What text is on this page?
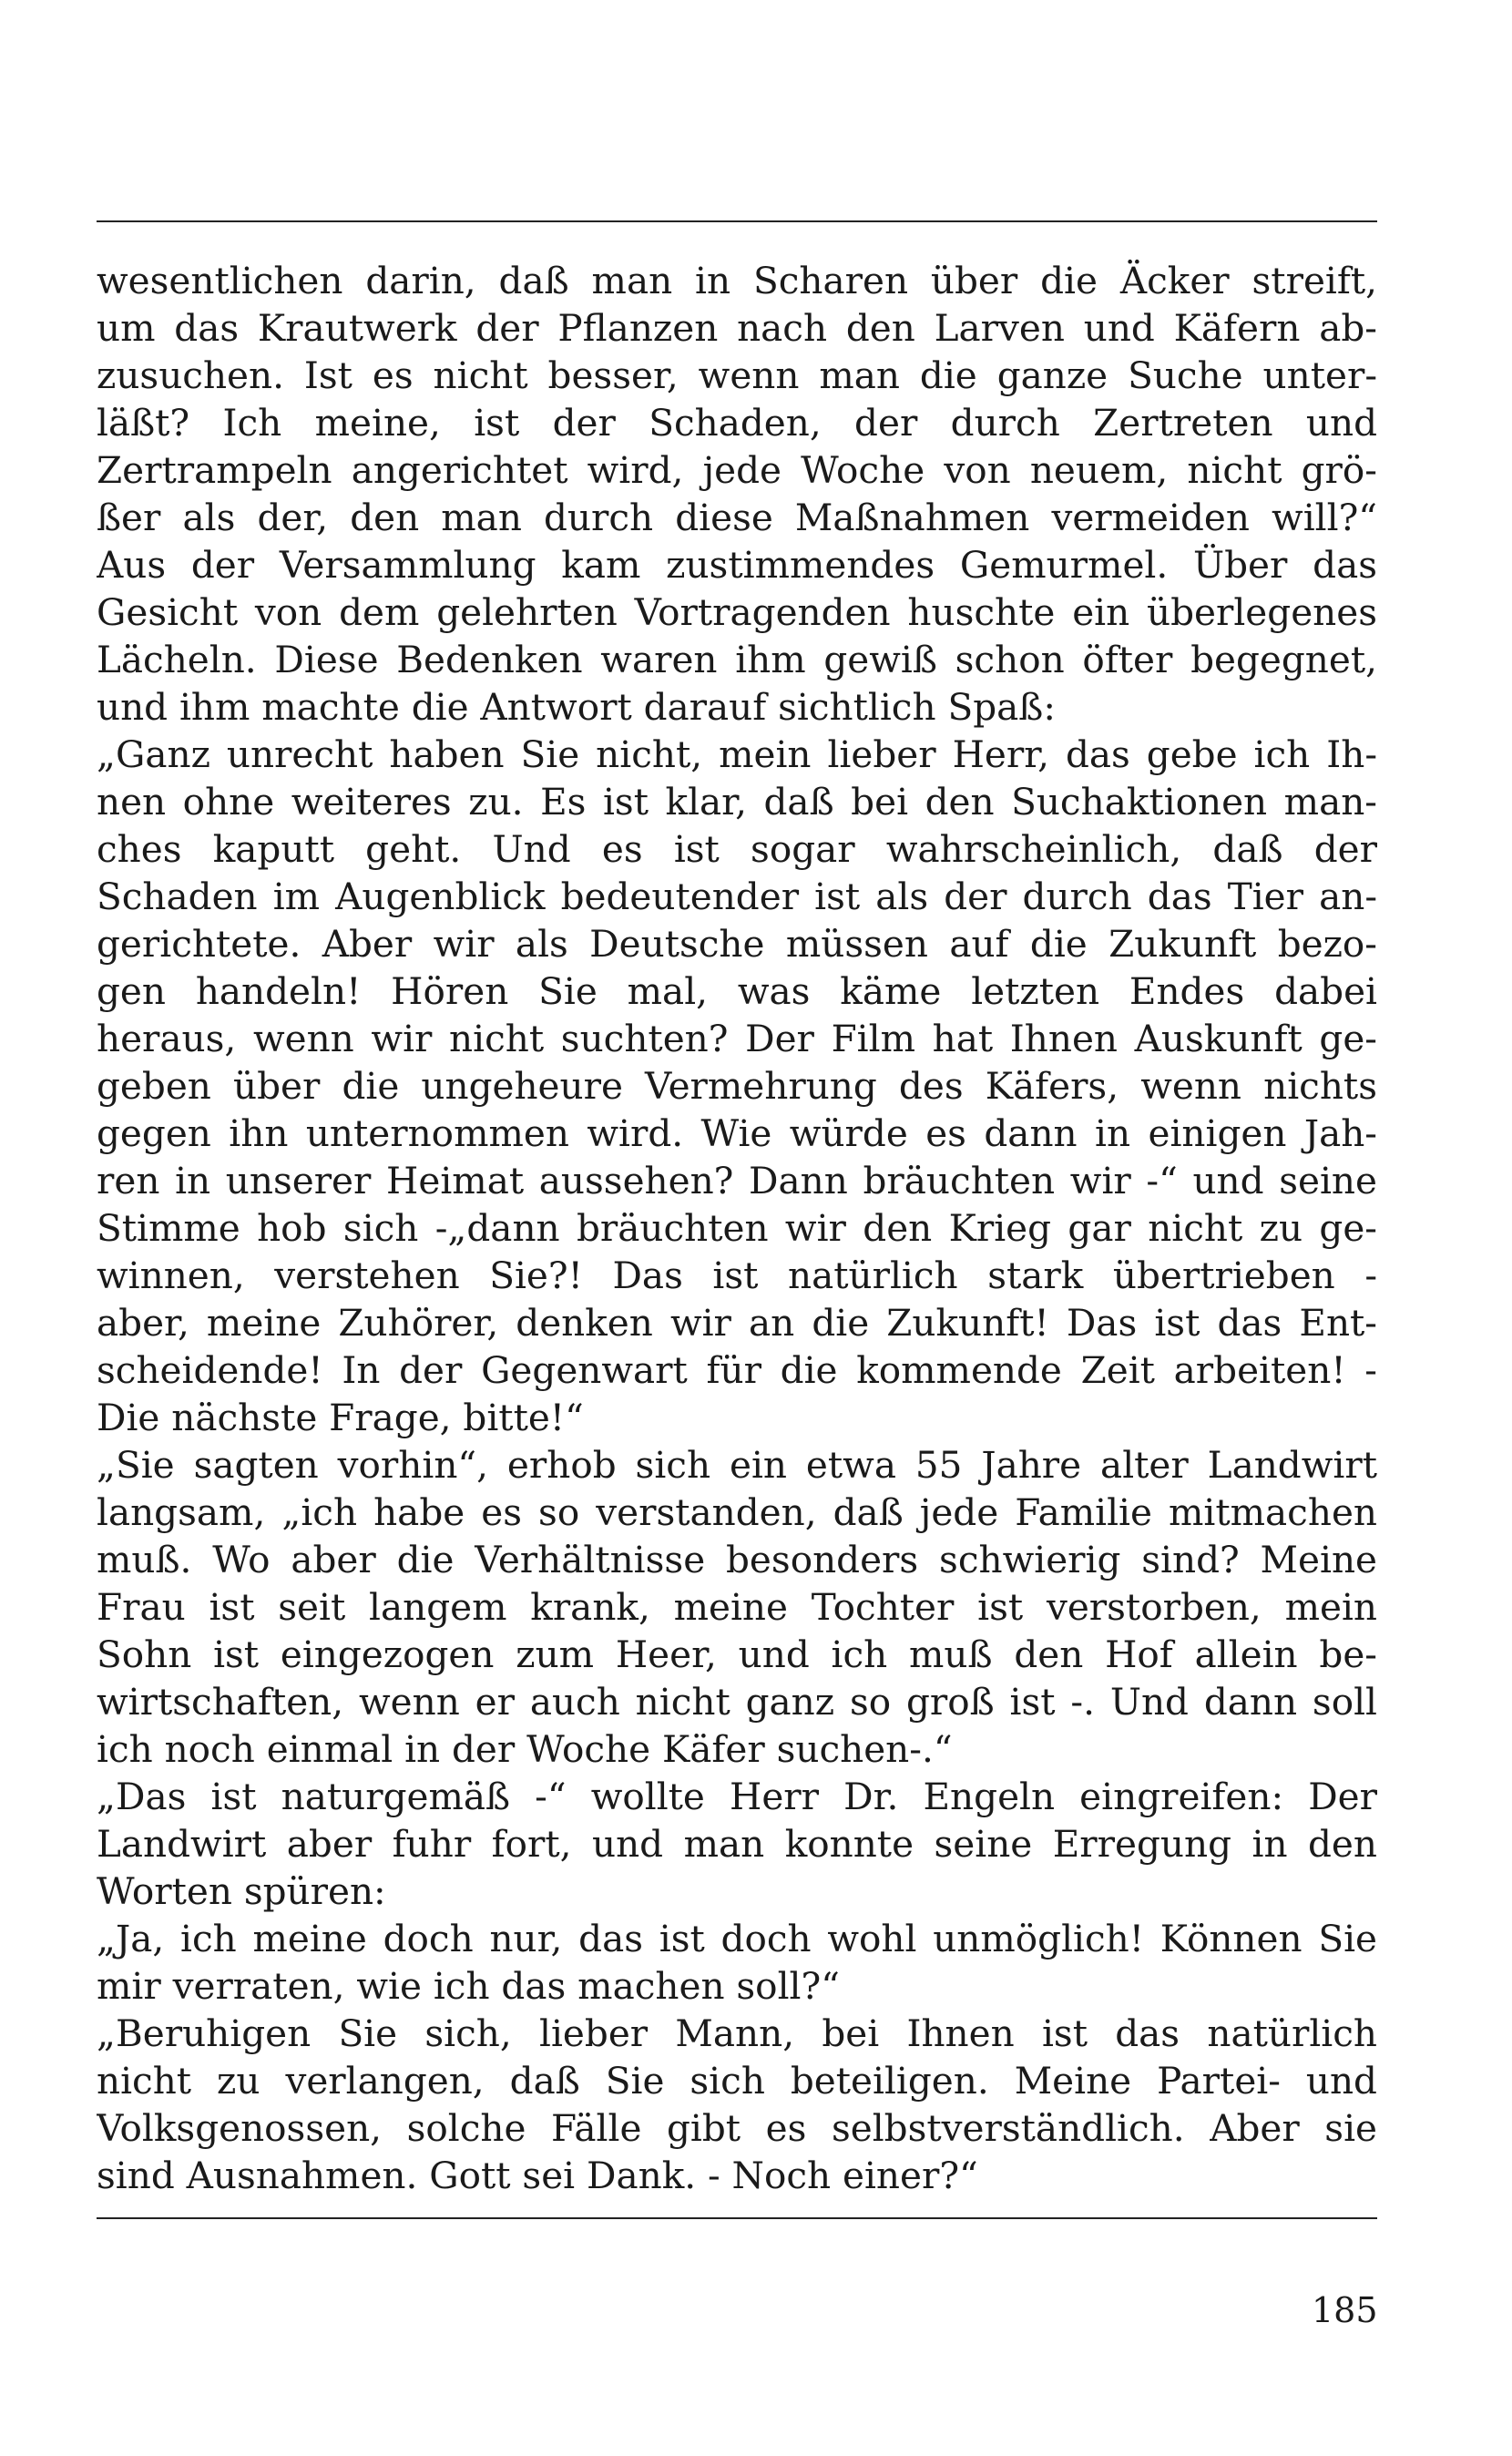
wesentlichen darin, daß man in Scharen über die Äcker streift,
um das Krautwerk der Pflanzen nach den Larven und Käfern ab-
zusuchen. Ist es nicht besser, wenn man die ganze Suche unter-
läßt? Ich meine, ist der Schaden, der durch Zertreten und
Zertrampeln angerichtet wird, jede Woche von neuem, nicht grö-
ßer als der, den man durch diese Maßnahmen vermeiden will?“
Aus der Versammlung kam zustimmendes Gemurmel. Über das
Gesicht von dem gelehrten Vortragenden huschte ein überlegenes
Lächeln. Diese Bedenken waren ihm gewiß schon öfter begegnet,
und ihm machte die Antwort darauf sichtlich Spaß:
„Ganz unrecht haben Sie nicht, mein lieber Herr, das gebe ich Ih-
nen ohne weiteres zu. Es ist klar, daß bei den Suchaktionen man-
ches kaputt geht. Und es ist sogar wahrscheinlich, daß der
Schaden im Augenblick bedeutender ist als der durch das Tier an-
gerichtete. Aber wir als Deutsche müssen auf die Zukunft bezo-
gen handeln! Hören Sie mal, was käme letzten Endes dabei
heraus, wenn wir nicht suchten? Der Film hat Ihnen Auskunft ge-
geben über die ungeheure Vermehrung des Käfers, wenn nichts
gegen ihn unternommen wird. Wie würde es dann in einigen Jah-
ren in unserer Heimat aussehen? Dann bräuchten wir -“ und seine
Stimme hob sich -„dann bräuchten wir den Krieg gar nicht zu ge-
winnen, verstehen Sie?! Das ist natürlich stark übertrieben -
aber, meine Zuhörer, denken wir an die Zukunft! Das ist das Ent-
scheidende! In der Gegenwart für die kommende Zeit arbeiten! -
Die nächste Frage, bitte!“
„Sie sagten vorhin“, erhob sich ein etwa 55 Jahre alter Landwirt
langsam, „ich habe es so verstanden, daß jede Familie mitmachen
muß. Wo aber die Verhältnisse besonders schwierig sind? Meine
Frau ist seit langem krank, meine Tochter ist verstorben, mein
Sohn ist eingezogen zum Heer, und ich muß den Hof allein be-
wirtschaften, wenn er auch nicht ganz so groß ist -. Und dann soll
ich noch einmal in der Woche Käfer suchen-.“
„Das ist naturgemäß -“ wollte Herr Dr. Engeln eingreifen: Der
Landwirt aber fuhr fort, und man konnte seine Erregung in den
Worten spüren:
„Ja, ich meine doch nur, das ist doch wohl unmöglich! Können Sie
mir verraten, wie ich das machen soll?“
„Beruhigen Sie sich, lieber Mann, bei Ihnen ist das natürlich
nicht zu verlangen, daß Sie sich beteiligen. Meine Partei- und
Volksgenossen, solche Fälle gibt es selbstverständlich. Aber sie
sind Ausnahmen. Gott sei Dank. - Noch einer?“
185
